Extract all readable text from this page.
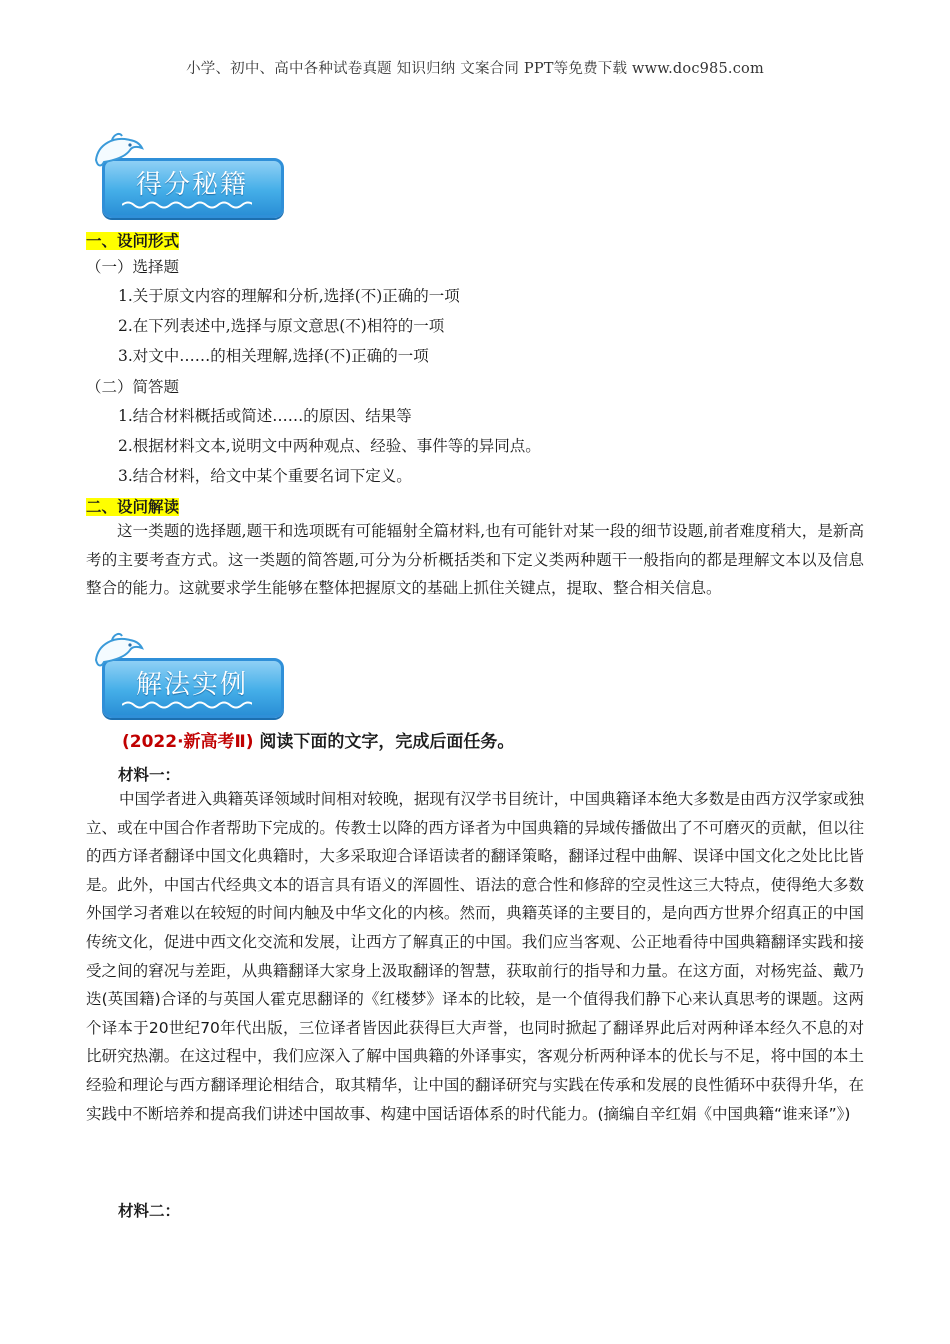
小学、初中、高中各种试卷真题 知识归纳 文案合同 PPT等免费下载 www.doc985.com
得分秘籍
一、设问形式
（一）选择题
1.关于原文内容的理解和分析,选择(不)正确的一项
2.在下列表述中,选择与原文意思(不)相符的一项
3.对文中……的相关理解,选择(不)正确的一项
（二）简答题
1.结合材料概括或简述……的原因、结果等
2.根据材料文本,说明文中两种观点、经验、事件等的异同点。
3.结合材料，给文中某个重要名词下定义。
二、设问解读
这一类题的选择题,题干和选项既有可能辐射全篇材料,也有可能针对某一段的细节设题,前者难度稍大，是新高考的主要考查方式。这一类题的简答题,可分为分析概括类和下定义类两种题干一般指向的都是理解文本以及信息整合的能力。这就要求学生能够在整体把握原文的基础上抓住关键点，提取、整合相关信息。
解法实例
(2022·新高考Ⅱ) 阅读下面的文字，完成后面任务。
材料一：
中国学者进入典籍英译领域时间相对较晚，据现有汉学书目统计，中国典籍译本绝大多数是由西方汉学家或独立、或在中国合作者帮助下完成的。传教士以降的西方译者为中国典籍的异域传播做出了不可磨灭的贡献，但以往的西方译者翻译中国文化典籍时，大多采取迎合译语读者的翻译策略，翻译过程中曲解、误译中国文化之处比比皆是。此外，中国古代经典文本的语言具有语义的浑圆性、语法的意合性和修辞的空灵性这三大特点，使得绝大多数外国学习者难以在较短的时间内触及中华文化的内核。然而，典籍英译的主要目的，是向西方世界介绍真正的中国传统文化，促进中西文化交流和发展，让西方了解真正的中国。我们应当客观、公正地看待中国典籍翻译实践和接受之间的窘况与差距，从典籍翻译大家身上汲取翻译的智慧，获取前行的指导和力量。在这方面，对杨宪益、戴乃迭(英国籍)合译的与英国人霍克思翻译的《红楼梦》译本的比较，是一个值得我们静下心来认真思考的课题。这两个译本于20世纪70年代出版，三位译者皆因此获得巨大声誉，也同时掀起了翻译界此后对两种译本经久不息的对比研究热潮。在这过程中，我们应深入了解中国典籍的外译事实，客观分析两种译本的优长与不足，将中国的本土经验和理论与西方翻译理论相结合，取其精华，让中国的翻译研究与实践在传承和发展的良性循环中获得升华，在实践中不断培养和提高我们讲述中国故事、构建中国话语体系的时代能力。(摘编自辛红娟《中国典籍“谁来译”》)
材料二：
